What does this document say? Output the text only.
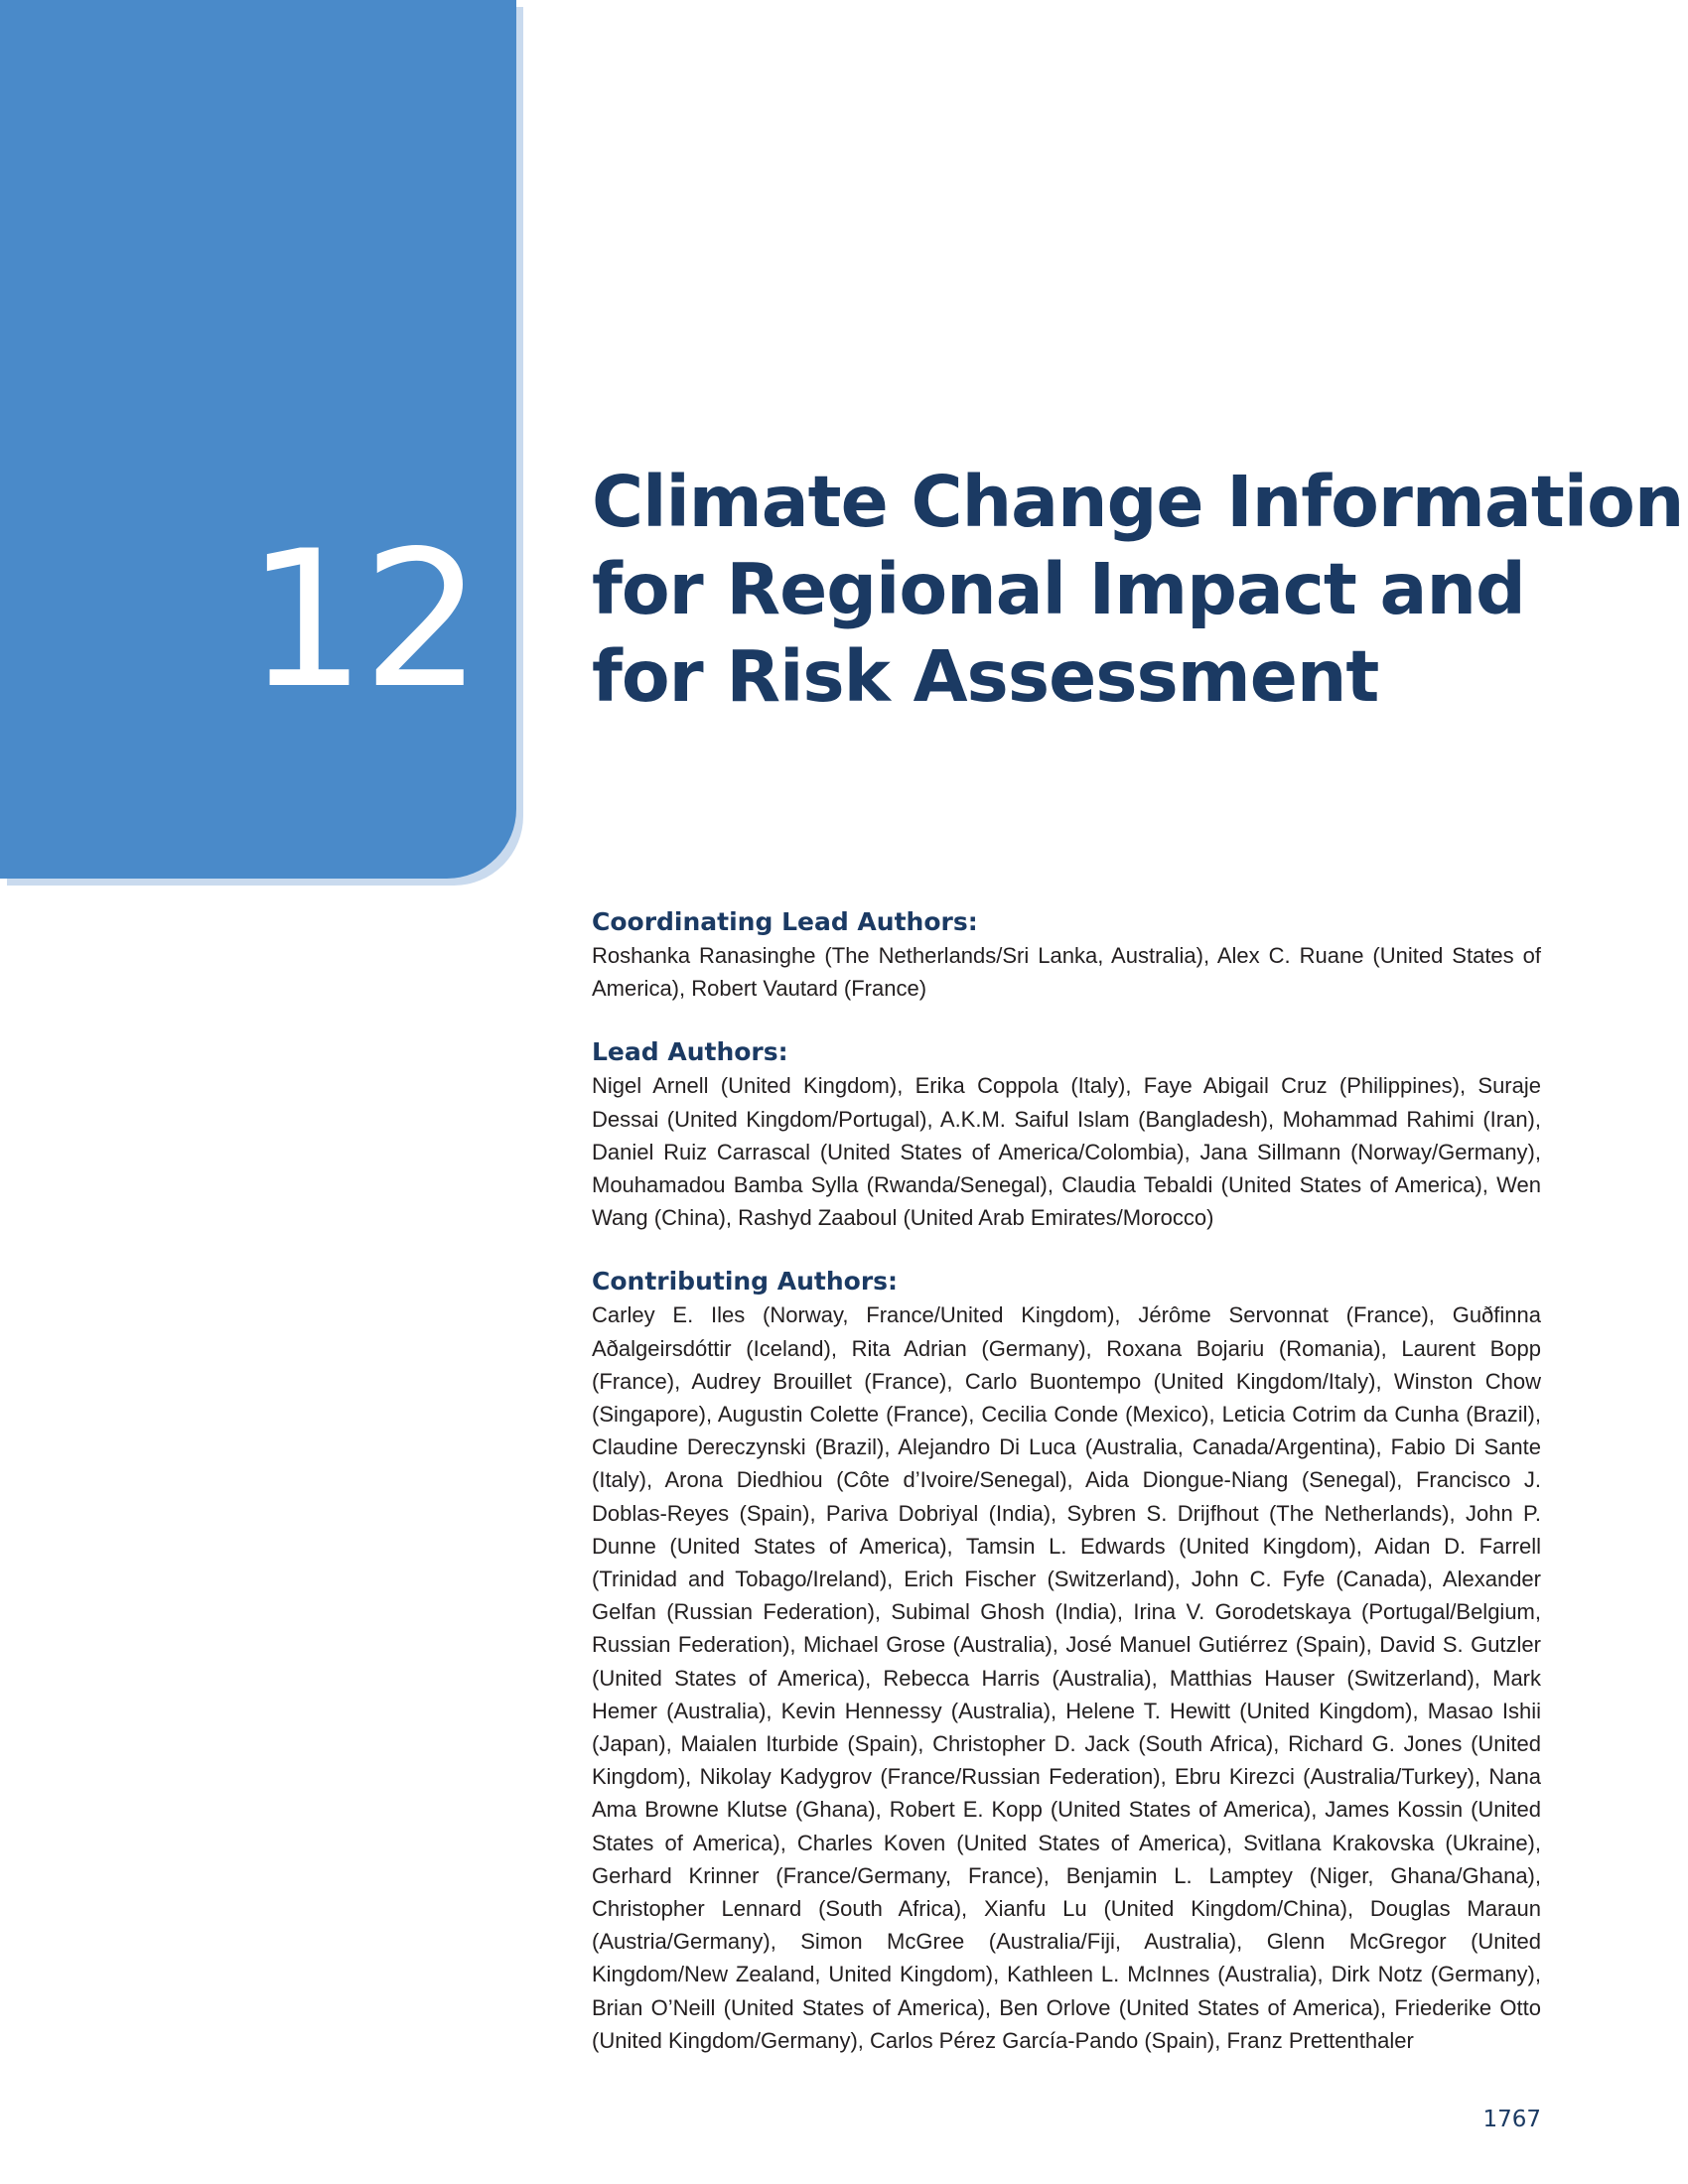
12
Climate Change Information
for Regional Impact and
for Risk Assessment
Coordinating Lead Authors:

Roshanka Ranasinghe (The Netherlands/Sri Lanka, Australia), Alex C. Ruane (United States of America), Robert Vautard (France)

Lead Authors:

Nigel Arnell (United Kingdom), Erika Coppola (Italy), Faye Abigail Cruz (Philippines), Suraje Dessai (United Kingdom/Portugal), A.K.M. Saiful Islam (Bangladesh), Mohammad Rahimi (Iran), Daniel Ruiz Carrascal (United States of America/Colombia), Jana Sillmann (Norway/Germany), Mouhamadou Bamba Sylla (Rwanda/Senegal), Claudia Tebaldi (United States of America), Wen Wang (China), Rashyd Zaaboul (United Arab Emirates/Morocco)

Contributing Authors:

Carley E. Iles (Norway, France/United Kingdom), Jérôme Servonnat (France), Guðfinna Aðalgeirsdóttir (Iceland), Rita Adrian (Germany), Roxana Bojariu (Romania), Laurent Bopp (France), Audrey Brouillet (France), Carlo Buontempo (United Kingdom/Italy), Winston Chow (Singapore), Augustin Colette (France), Cecilia Conde (Mexico), Leticia Cotrim da Cunha (Brazil), Claudine Dereczynski (Brazil), Alejandro Di Luca (Australia, Canada/Argentina), Fabio Di Sante (Italy), Arona Diedhiou (Côte d’Ivoire/Senegal), Aida Diongue-Niang (Senegal), Francisco J. Doblas-Reyes (Spain), Pariva Dobriyal (India), Sybren S. Drijfhout (The Netherlands), John P. Dunne (United States of America), Tamsin L. Edwards (United Kingdom), Aidan D. Farrell (Trinidad and Tobago/Ireland), Erich Fischer (Switzerland), John C. Fyfe (Canada), Alexander Gelfan (Russian Federation), Subimal Ghosh (India), Irina V. Gorodetskaya (Portugal/Belgium, Russian Federation), Michael Grose (Australia), José Manuel Gutiérrez (Spain), David S. Gutzler (United States of America), Rebecca Harris (Australia), Matthias Hauser (Switzerland), Mark Hemer (Australia), Kevin Hennessy (Australia), Helene T. Hewitt (United Kingdom), Masao Ishii (Japan), Maialen Iturbide (Spain), Christopher D. Jack (South Africa), Richard G. Jones (United Kingdom), Nikolay Kadygrov (France/Russian Federation), Ebru Kirezci (Australia/Turkey), Nana Ama Browne Klutse (Ghana), Robert E. Kopp (United States of America), James Kossin (United States of America), Charles Koven (United States of America), Svitlana Krakovska (Ukraine), Gerhard Krinner (France/Germany, France), Benjamin L. Lamptey (Niger, Ghana/Ghana), Christopher Lennard (South Africa), Xianfu Lu (United Kingdom/China), Douglas Maraun (Austria/Germany), Simon McGree (Australia/Fiji, Australia), Glenn McGregor (United Kingdom/New Zealand, United Kingdom), Kathleen L. McInnes (Australia), Dirk Notz (Germany), Brian O’Neill (United States of America), Ben Orlove (United States of America), Friederike Otto (United Kingdom/Germany), Carlos Pérez García-Pando (Spain), Franz Prettenthaler

1767
